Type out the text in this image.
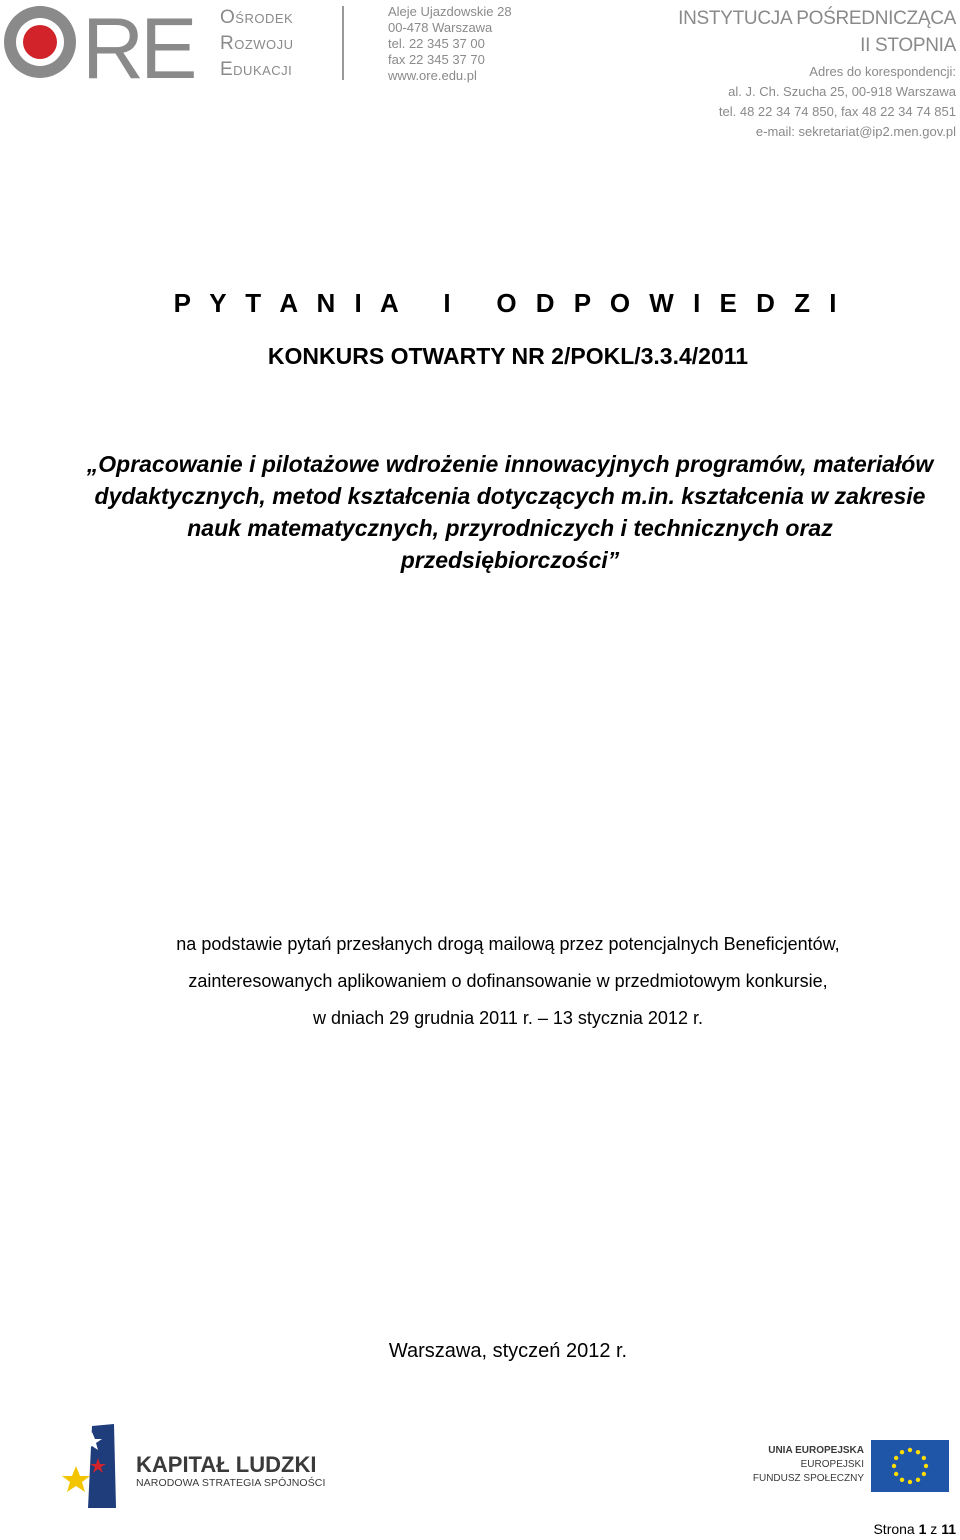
RE Ośrodek
Rozwoju
Edukacji
Aleje Ujazdowskie 28
00-478 Warszawa
tel. 22 345 37 00
fax 22 345 37 70
www.ore.edu.pl
INSTYTUCJA POŚREDNICZĄCA
II STOPNIA
Adres do korespondencji:
al. J. Ch. Szucha 25, 00-918 Warszawa
tel. 48 22 34 74 850, fax 48 22 34 74 851
e-mail: sekretariat@ip2.men.gov.pl
P Y T A N I A   I   O D P O W I E D Z I
KONKURS OTWARTY NR 2/POKL/3.3.4/2011
„Opracowanie i pilotażowe wdrożenie innowacyjnych programów, materiałów dydaktycznych, metod kształcenia dotyczących m.in. kształcenia w zakresie nauk matematycznych, przyrodniczych i technicznych oraz przedsiębiorczości”
na podstawie pytań przesłanych drogą mailową przez potencjalnych Beneficjentów,
zainteresowanych aplikowaniem o dofinansowanie w przedmiotowym konkursie,
w dniach 29 grudnia 2011 r. – 13 stycznia 2012 r.
Warszawa, styczeń 2012 r.
KAPITAŁ LUDZKI
NARODOWA STRATEGIA SPÓJNOŚCI
UNIA EUROPEJSKA
EUROPEJSKI
FUNDUSZ SPOŁECZNY
Strona 1 z 11
